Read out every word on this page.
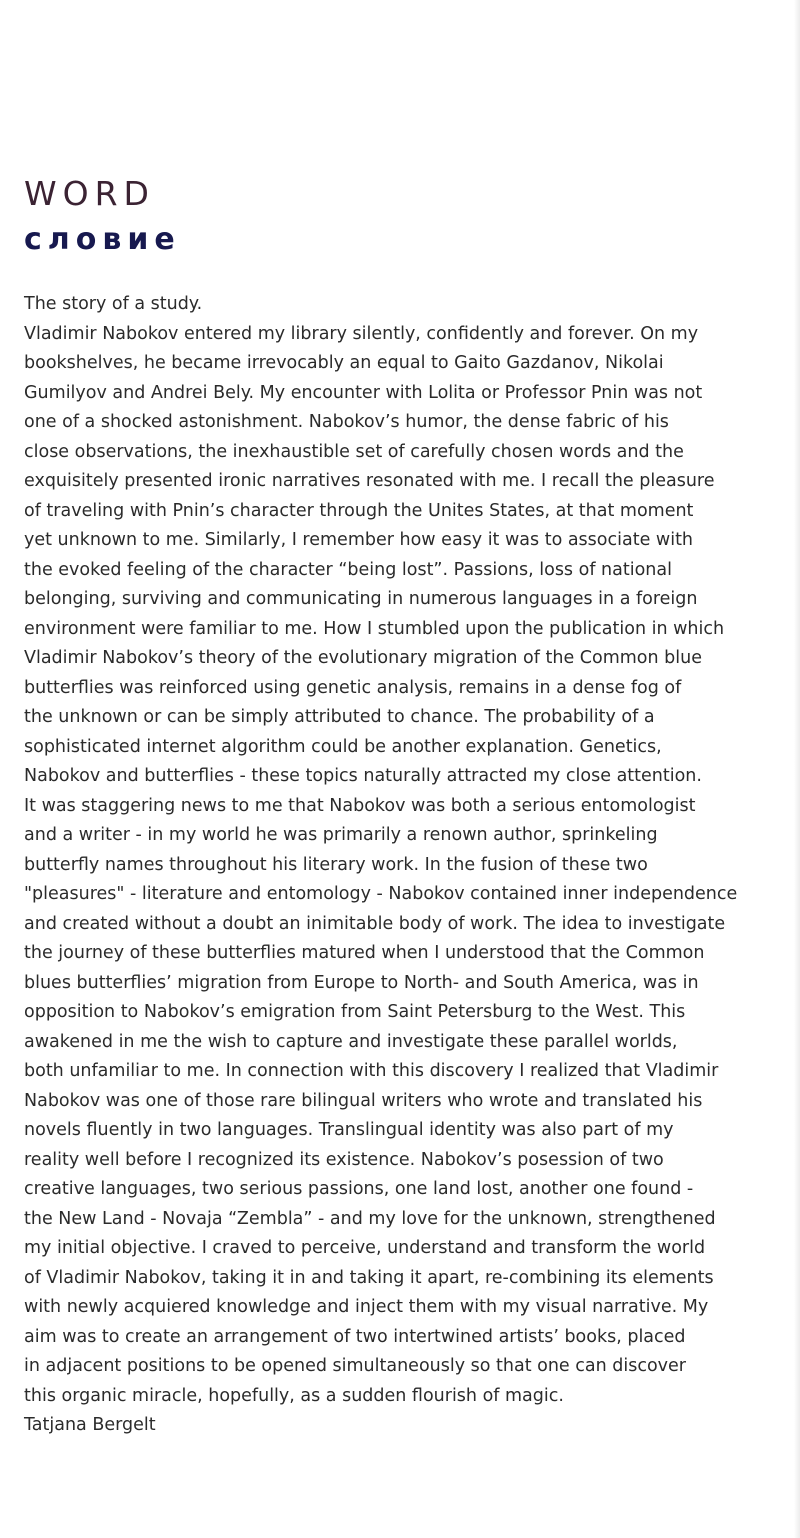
WORD
словие
The story of a study.
Vladimir Nabokov entered my library silently, confidently and forever. On my
bookshelves, he became irrevocably an equal to Gaito Gazdanov, Nikolai
Gumilyov and Andrei Bely. My encounter with Lolita or Professor Pnin was not
one of a shocked astonishment. Nabokov’s humor, the dense fabric of his
close observations, the inexhaustible set of carefully chosen words and the
exquisitely presented ironic narratives resonated with me. I recall the pleasure
of traveling with Pnin’s character through the Unites States, at that moment
yet unknown to me. Similarly, I remember how easy it was to associate with
the evoked feeling of the character “being lost”. Passions, loss of national
belonging, surviving and communicating in numerous languages in a foreign
environment were familiar to me. How I stumbled upon the publication in which
Vladimir Nabokov’s theory of the evolutionary migration of the Common blue
butterflies was reinforced using genetic analysis, remains in a dense fog of
the unknown or can be simply attributed to chance. The probability of a
sophisticated internet algorithm could be another explanation. Genetics,
Nabokov and butterflies - these topics naturally attracted my close attention.
It was staggering news to me that Nabokov was both a serious entomologist
and a writer - in my world he was primarily a renown author, sprinkeling
butterfly names throughout his literary work. In the fusion of these two
"pleasures" - literature and entomology - Nabokov contained inner independence
and created without a doubt an inimitable body of work. The idea to investigate
the journey of these butterflies matured when I understood that the Common
blues butterflies’ migration from Europe to North- and South America, was in
opposition to Nabokov’s emigration from Saint Petersburg to the West. This
awakened in me the wish to capture and investigate these parallel worlds,
both unfamiliar to me. In connection with this discovery I realized that Vladimir
Nabokov was one of those rare bilingual writers who wrote and translated his
novels fluently in two languages. Translingual identity was also part of my
reality well before I recognized its existence. Nabokov’s posession of two
creative languages, two serious passions, one land lost, another one found -
the New Land - Novaja “Zembla” - and my love for the unknown, strengthened
my initial objective. I craved to perceive, understand and transform the world
of Vladimir Nabokov, taking it in and taking it apart, re-combining its elements
with newly acquiered knowledge and inject them with my visual narrative. My
aim was to create an arrangement of two intertwined artists’ books, placed
in adjacent positions to be opened simultaneously so that one can discover
this organic miracle, hopefully, as a sudden flourish of magic.
Tatjana Bergelt
